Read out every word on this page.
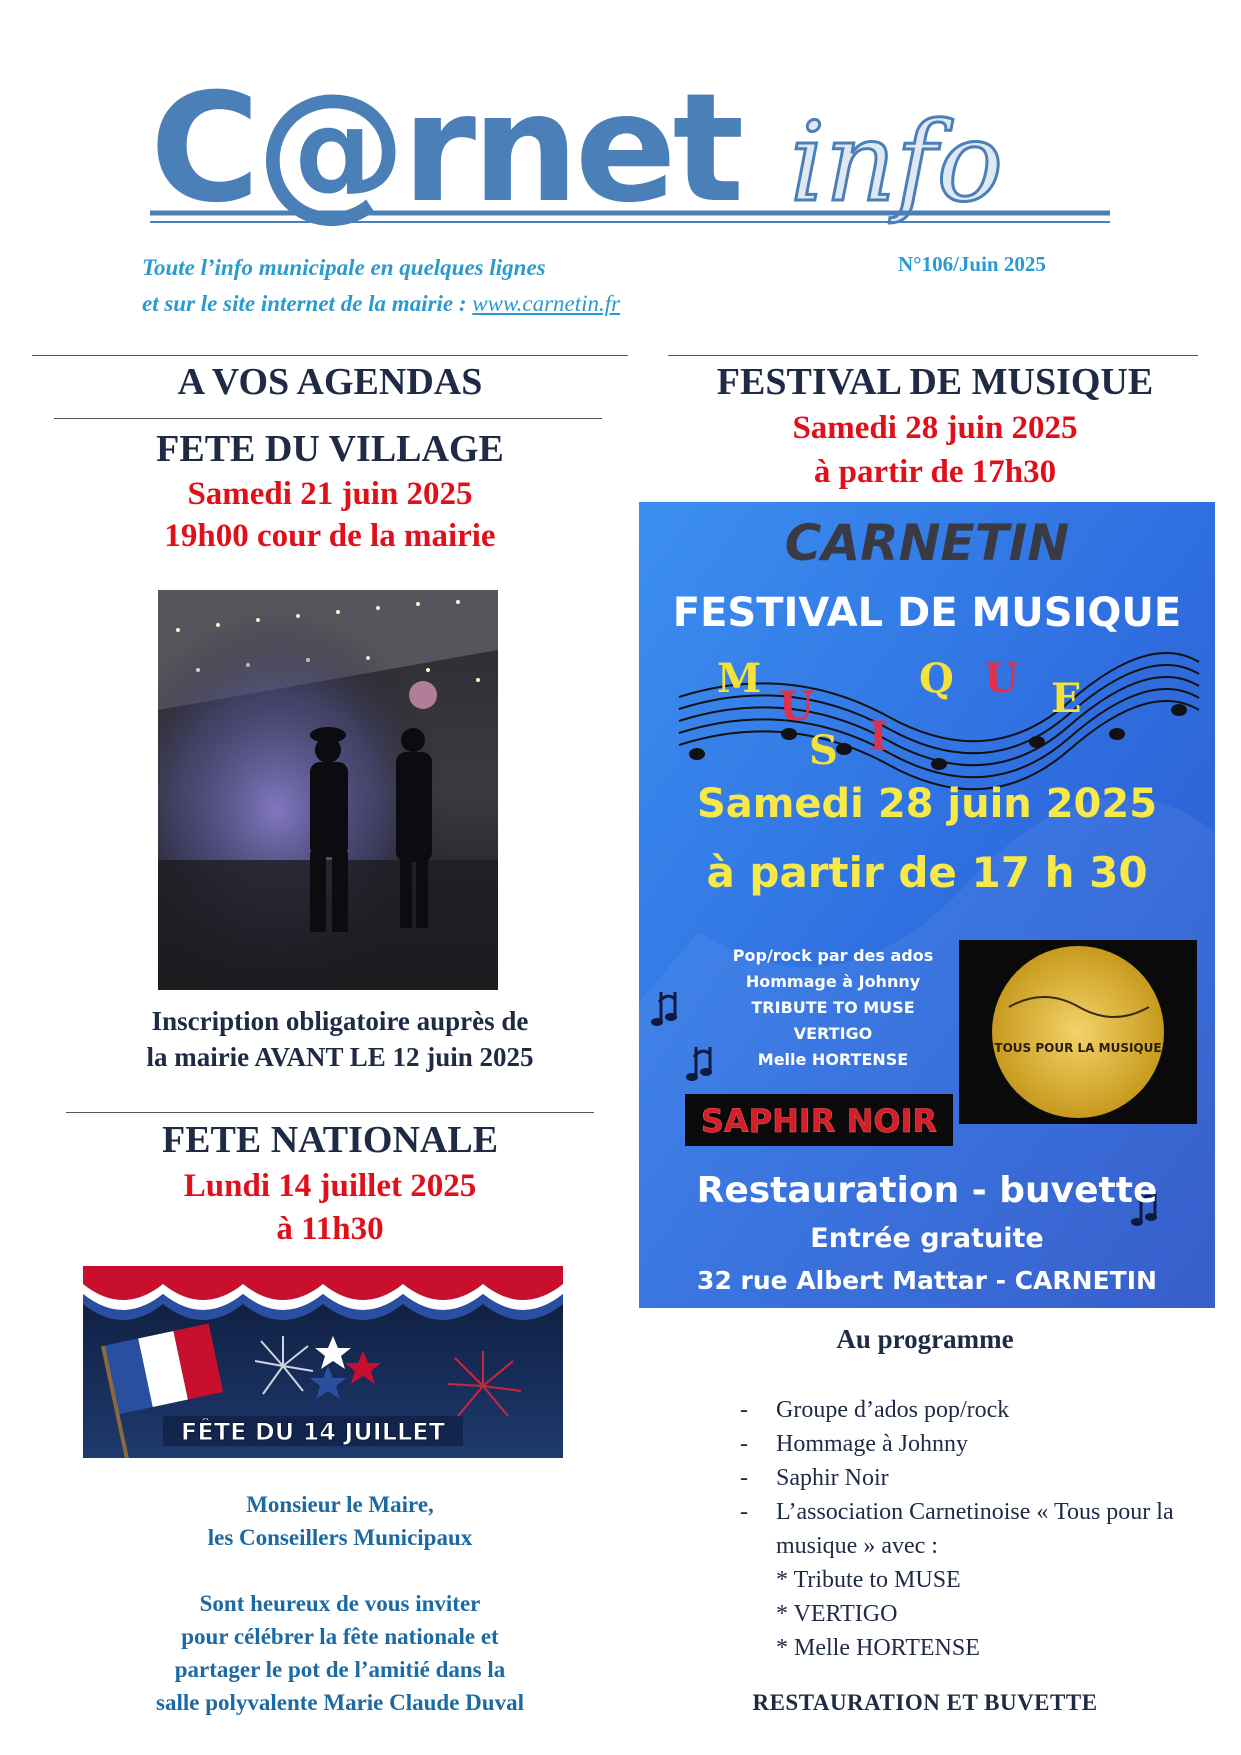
C@rnet info
Toute l’info municipale en quelques lignes
et sur le site internet de la mairie : www.carnetin.fr
N°106/Juin 2025
A VOS AGENDAS
FETE DU VILLAGE
Samedi 21 juin 2025
19h00 cour de la mairie
Inscription obligatoire auprès de
la mairie AVANT LE 12 juin 2025
FETE NATIONALE
Lundi 14 juillet 2025
à 11h30
FÊTE DU 14 JUILLET
Monsieur le Maire,
les Conseillers Municipaux
Sont heureux de vous inviter
pour célébrer la fête nationale et
partager le pot de l’amitié dans la
salle polyvalente Marie Claude Duval
FESTIVAL DE MUSIQUE
Samedi 28 juin 2025
à partir de 17h30
CARNETIN
FESTIVAL DE MUSIQUE
M
U
S I
Q U E
Samedi 28 juin 2025
à partir de 17 h 30
Pop/rock par des ados
Hommage à Johnny
TRIBUTE TO MUSE
VERTIGO
Melle HORTENSE
SAPHIR NOIR
TOUS POUR LA MUSIQUE
Restauration - buvette
Entrée gratuite
32 rue Albert Mattar - CARNETIN
Au programme
- Groupe d’ados pop/rock
- Hommage à Johnny
- Saphir Noir
- L’association Carnetinoise « Tous pour la musique » avec :
* Tribute to MUSE
* VERTIGO
* Melle HORTENSE
RESTAURATION ET BUVETTE
